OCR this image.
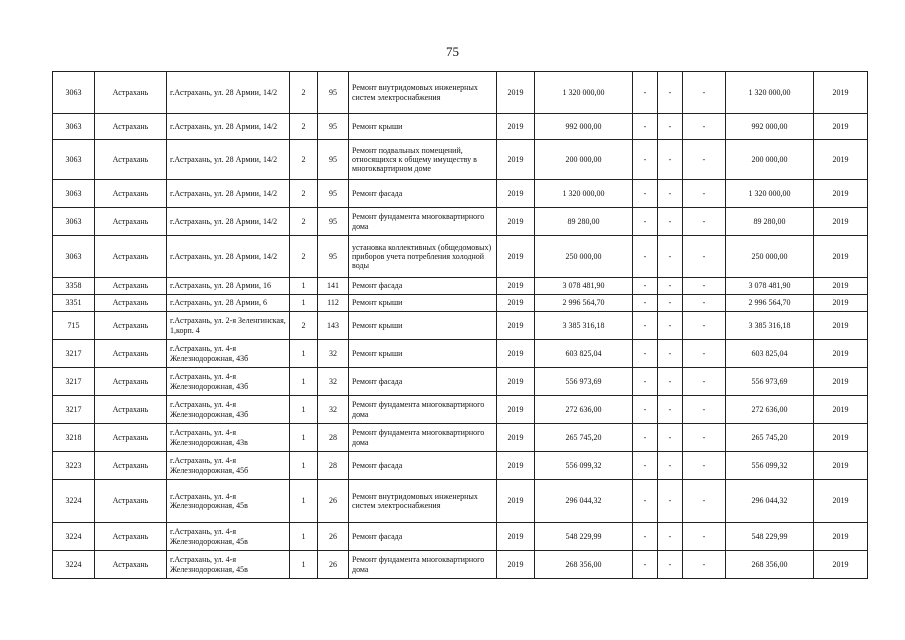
75
3063	Астрахань	г.Астрахань, ул. 28 Армии, 14/2	2	95	Ремонт внутридомовых инженерных систем электроснабжения	2019	1 320 000,00	-	-	-	1 320 000,00	2019
3063	Астрахань	г.Астрахань, ул. 28 Армии, 14/2	2	95	Ремонт крыши	2019	992 000,00	-	-	-	992 000,00	2019
3063	Астрахань	г.Астрахань, ул. 28 Армии, 14/2	2	95	Ремонт подвальных помещений, относящихся к общему имуществу в многоквартирном доме	2019	200 000,00	-	-	-	200 000,00	2019
3063	Астрахань	г.Астрахань, ул. 28 Армии, 14/2	2	95	Ремонт фасада	2019	1 320 000,00	-	-	-	1 320 000,00	2019
3063	Астрахань	г.Астрахань, ул. 28 Армии, 14/2	2	95	Ремонт фундамента многоквартирного дома	2019	89 280,00	-	-	-	89 280,00	2019
3063	Астрахань	г.Астрахань, ул. 28 Армии, 14/2	2	95	установка коллективных (общедомовых) приборов учета потребления холодной воды	2019	250 000,00	-	-	-	250 000,00	2019
3358	Астрахань	г.Астрахань, ул. 28 Армии, 16	1	141	Ремонт фасада	2019	3 078 481,90	-	-	-	3 078 481,90	2019
3351	Астрахань	г.Астрахань, ул. 28 Армии, 6	1	112	Ремонт крыши	2019	2 996 564,70	-	-	-	2 996 564,70	2019
715	Астрахань	г.Астрахань, ул. 2-я Зеленгинская, 1,корп. 4	2	143	Ремонт крыши	2019	3 385 316,18	-	-	-	3 385 316,18	2019
3217	Астрахань	г.Астрахань, ул. 4-я Железнодорожная, 43б	1	32	Ремонт крыши	2019	603 825,04	-	-	-	603 825,04	2019
3217	Астрахань	г.Астрахань, ул. 4-я Железнодорожная, 43б	1	32	Ремонт фасада	2019	556 973,69	-	-	-	556 973,69	2019
3217	Астрахань	г.Астрахань, ул. 4-я Железнодорожная, 43б	1	32	Ремонт фундамента многоквартирного дома	2019	272 636,00	-	-	-	272 636,00	2019
3218	Астрахань	г.Астрахань, ул. 4-я Железнодорожная, 43в	1	28	Ремонт фундамента многоквартирного дома	2019	265 745,20	-	-	-	265 745,20	2019
3223	Астрахань	г.Астрахань, ул. 4-я Железнодорожная, 45б	1	28	Ремонт фасада	2019	556 099,32	-	-	-	556 099,32	2019
3224	Астрахань	г.Астрахань, ул. 4-я Железнодорожная, 45в	1	26	Ремонт внутридомовых инженерных систем электроснабжения	2019	296 044,32	-	-	-	296 044,32	2019
3224	Астрахань	г.Астрахань, ул. 4-я Железнодорожная, 45в	1	26	Ремонт фасада	2019	548 229,99	-	-	-	548 229,99	2019
3224	Астрахань	г.Астрахань, ул. 4-я Железнодорожная, 45в	1	26	Ремонт фундамента многоквартирного дома	2019	268 356,00	-	-	-	268 356,00	2019
